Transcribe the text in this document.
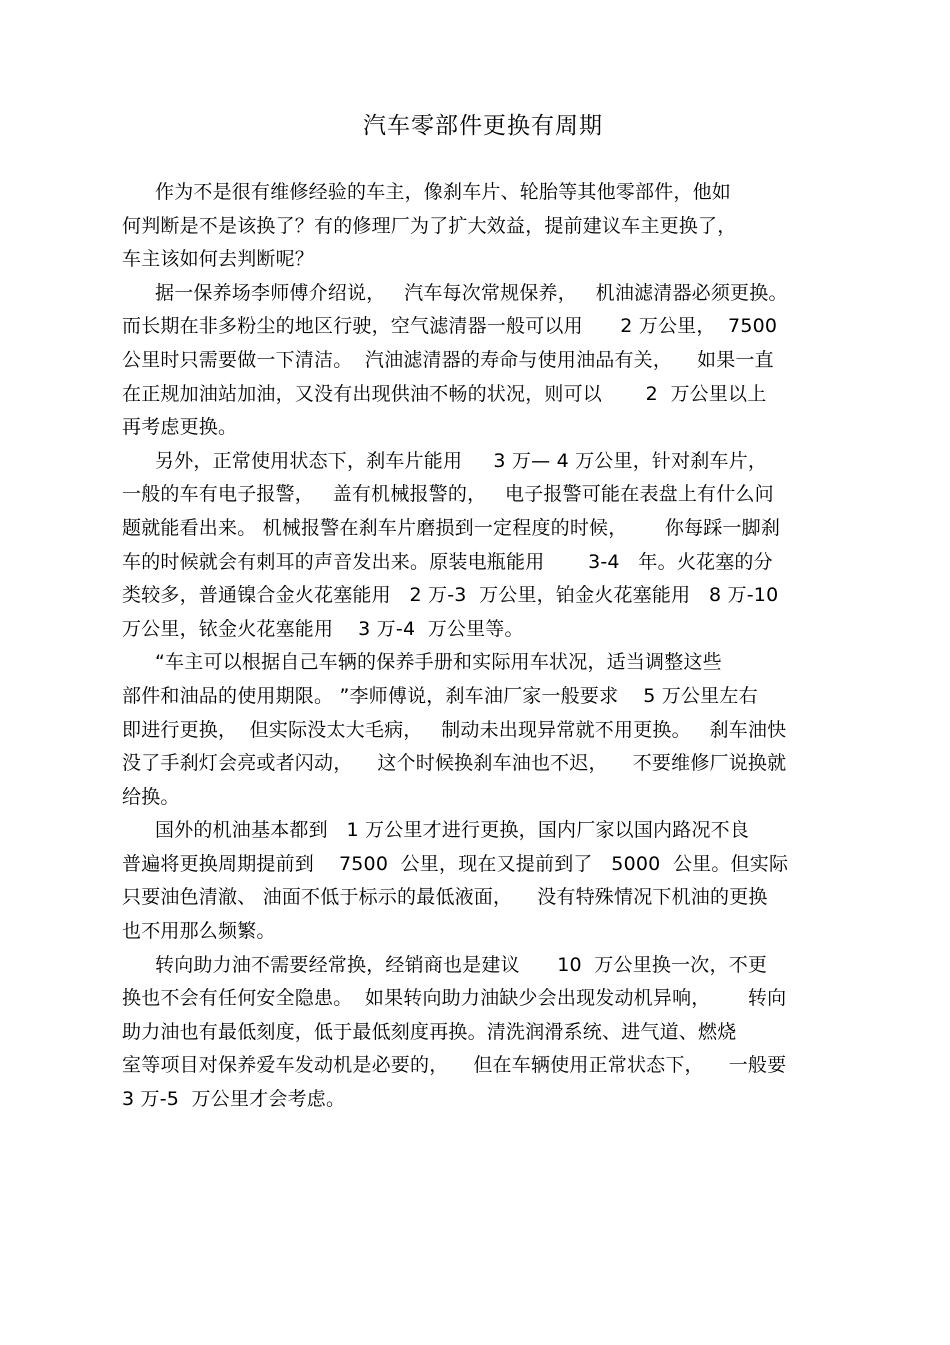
汽车零部件更换有周期
作为不是很有维修经验的车主，像刹车片、轮胎等其他零部件，他如
何判断是不是该换了？有的修理厂为了扩大效益，提前建议车主更换了，
车主该如何去判断呢？
据一保养场李师傅介绍说，   汽车每次常规保养，   机油滤清器必须更换。
而长期在非多粉尘的地区行驶，空气滤清器一般可以用      2 万公里，  7500
公里时只需要做一下清洁。  汽油滤清器的寿命与使用油品有关，    如果一直
在正规加油站加油，又没有出现供油不畅的状况，则可以       2  万公里以上
再考虑更换。
另外，正常使用状态下，刹车片能用     3 万— 4 万公里，针对刹车片，
一般的车有电子报警，   盖有机械报警的，   电子报警可能在表盘上有什么问
题就能看出来。 机械报警在刹车片磨损到一定程度的时候，      你每踩一脚刹
车的时候就会有刺耳的声音发出来。原装电瓶能用       3-4   年。火花塞的分
类较多，普通镍合金火花塞能用   2 万-3  万公里，铂金火花塞能用   8 万-10
万公里，铱金火花塞能用    3 万-4  万公里等。
“车主可以根据自己车辆的保养手册和实际用车状况，适当调整这些
部件和油品的使用期限。 ”李师傅说，刹车油厂家一般要求    5 万公里左右
即进行更换，  但实际没太大毛病，   制动未出现异常就不用更换。   刹车油快
没了手刹灯会亮或者闪动，    这个时候换刹车油也不迟，    不要维修厂说换就
给换。
国外的机油基本都到   1 万公里才进行更换，国内厂家以国内路况不良
普遍将更换周期提前到    7500  公里，现在又提前到了   5000  公里。但实际
只要油色清澈、 油面不低于标示的最低液面，    没有特殊情况下机油的更换
也不用那么频繁。
转向助力油不需要经常换，经销商也是建议      10  万公里换一次，不更
换也不会有任何安全隐患。  如果转向助力油缺少会出现发动机异响，      转向
助力油也有最低刻度，低于最低刻度再换。清洗润滑系统、进气道、燃烧
室等项目对保养爱车发动机是必要的，    但在车辆使用正常状态下，    一般要
3 万-5  万公里才会考虑。
